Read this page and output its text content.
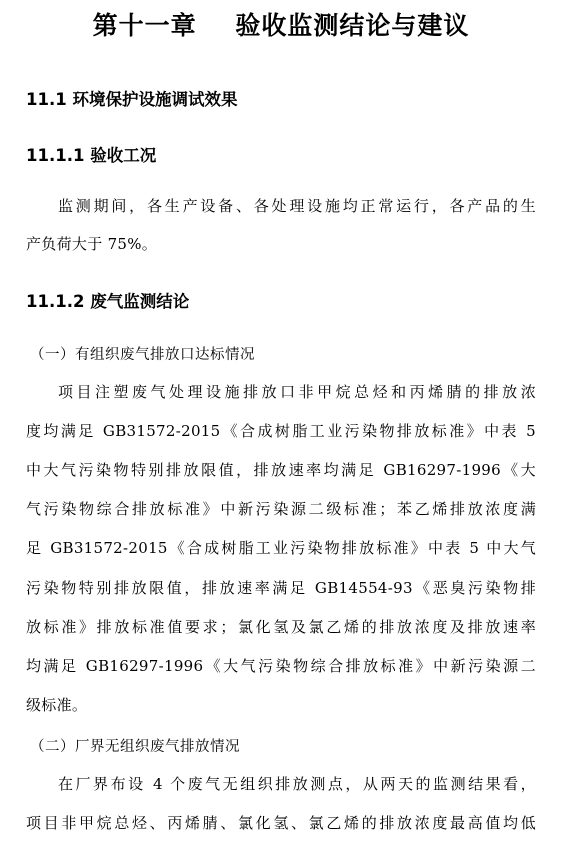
第十一章    验收监测结论与建议
11.1 环境保护设施调试效果
11.1.1 验收工况
监测期间，各生产设备、各处理设施均正常运行，各产品的生
产负荷大于 75%。
11.1.2 废气监测结论
（一）有组织废气排放口达标情况
项目注塑废气处理设施排放口非甲烷总烃和丙烯腈的排放浓
度均满足 GB31572-2015《合成树脂工业污染物排放标准》中表 5
中大气污染物特别排放限值，排放速率均满足 GB16297-1996《大
气污染物综合排放标准》中新污染源二级标准；苯乙烯排放浓度满
足 GB31572-2015《合成树脂工业污染物排放标准》中表 5 中大气
污染物特别排放限值，排放速率满足 GB14554-93《恶臭污染物排
放标准》排放标准值要求；氯化氢及氯乙烯的排放浓度及排放速率
均满足 GB16297-1996《大气污染物综合排放标准》中新污染源二
级标准。
（二）厂界无组织废气排放情况
在厂界布设 4 个废气无组织排放测点，从两天的监测结果看，
项目非甲烷总烃、丙烯腈、氯化氢、氯乙烯的排放浓度最高值均低
